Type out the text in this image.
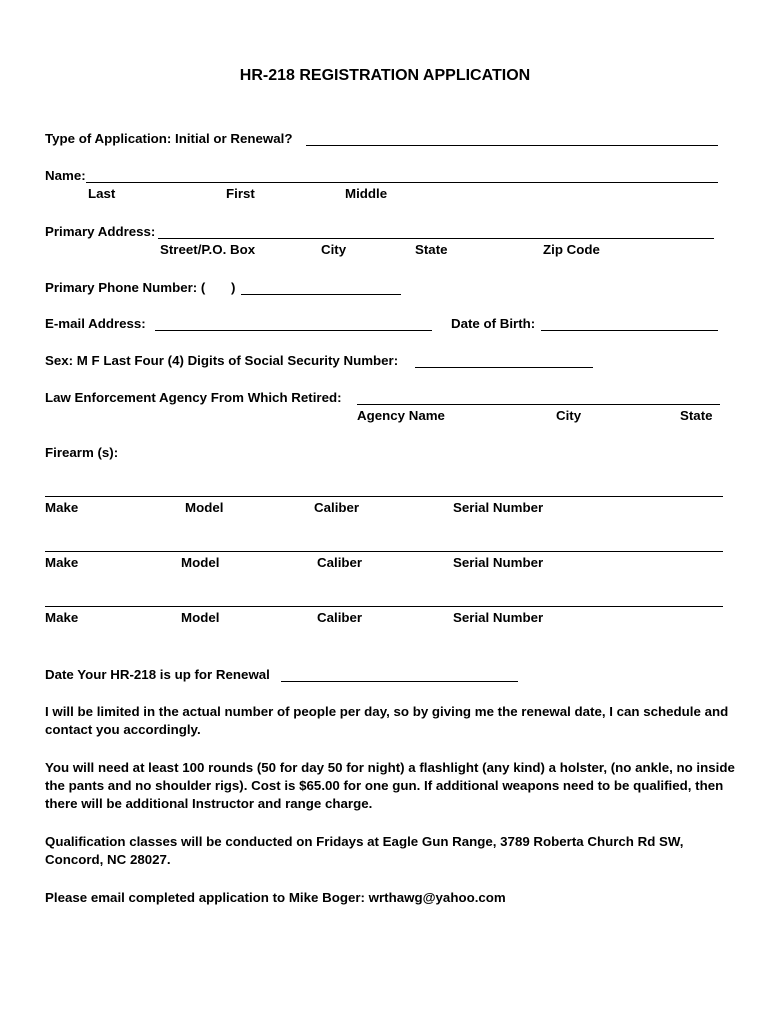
HR-218 REGISTRATION APPLICATION
Type of Application: Initial or Renewal?
Name:
Last	First	Middle
Primary Address:
Street/P.O. Box	City	State	Zip Code
Primary Phone Number: ( )
E-mail Address:	Date of Birth:
Sex: M F Last Four (4) Digits of Social Security Number:
Law Enforcement Agency From Which Retired:
Agency Name	City	State
Firearm (s):
Make	Model	Caliber	Serial Number
Make	Model	Caliber	Serial Number
Make	Model	Caliber	Serial Number
Date Your HR-218 is up for Renewal
I will be limited in the actual number of people per day, so by giving me the renewal date, I can schedule and contact you accordingly.
You will need at least 100 rounds (50 for day 50 for night) a flashlight (any kind) a holster, (no ankle, no inside the pants and no shoulder rigs). Cost is $65.00 for one gun. If additional weapons need to be qualified, then there will be additional Instructor and range charge.
Qualification classes will be conducted on Fridays at Eagle Gun Range, 3789 Roberta Church Rd SW, Concord, NC 28027.
Please email completed application to Mike Boger: wrthawg@yahoo.com
